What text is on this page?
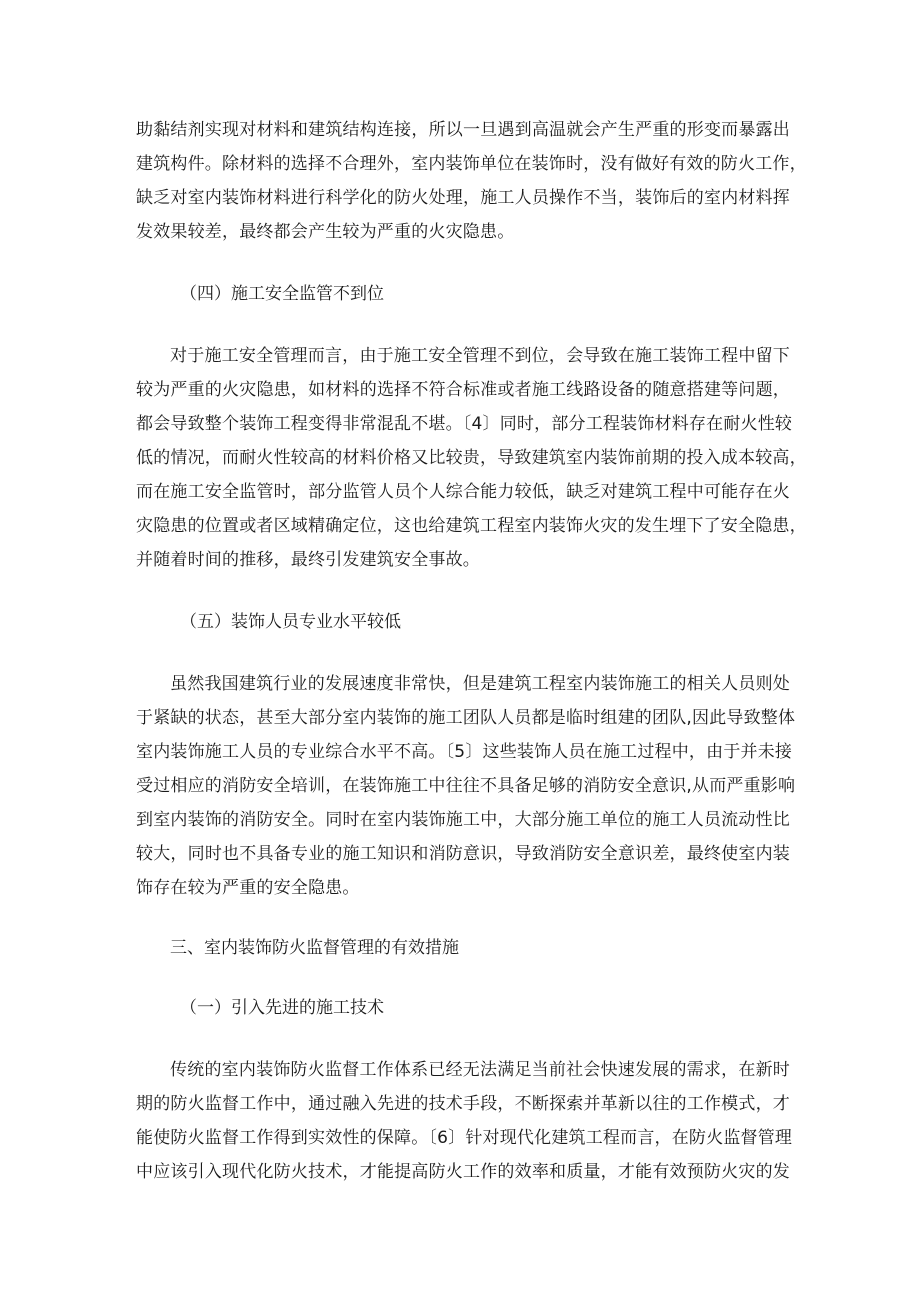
助黏结剂实现对材料和建筑结构连接，所以一旦遇到高温就会产生严重的形变而暴露出
建筑构件。除材料的选择不合理外，室内装饰单位在装饰时，没有做好有效的防火工作，
缺乏对室内装饰材料进行科学化的防火处理，施工人员操作不当，装饰后的室内材料挥
发效果较差，最终都会产生较为严重的火灾隐患。
（四）施工安全监管不到位
对于施工安全管理而言，由于施工安全管理不到位，会导致在施工装饰工程中留下
较为严重的火灾隐患，如材料的选择不符合标准或者施工线路设备的随意搭建等问题，
都会导致整个装饰工程变得非常混乱不堪。〔4〕同时，部分工程装饰材料存在耐火性较
低的情况，而耐火性较高的材料价格又比较贵，导致建筑室内装饰前期的投入成本较高，
而在施工安全监管时，部分监管人员个人综合能力较低，缺乏对建筑工程中可能存在火
灾隐患的位置或者区域精确定位，这也给建筑工程室内装饰火灾的发生埋下了安全隐患，
并随着时间的推移，最终引发建筑安全事故。
（五）装饰人员专业水平较低
虽然我国建筑行业的发展速度非常快，但是建筑工程室内装饰施工的相关人员则处
于紧缺的状态，甚至大部分室内装饰的施工团队人员都是临时组建的团队,因此导致整体
室内装饰施工人员的专业综合水平不高。〔5〕这些装饰人员在施工过程中，由于并未接
受过相应的消防安全培训，在装饰施工中往往不具备足够的消防安全意识,从而严重影响
到室内装饰的消防安全。同时在室内装饰施工中，大部分施工单位的施工人员流动性比
较大，同时也不具备专业的施工知识和消防意识，导致消防安全意识差，最终使室内装
饰存在较为严重的安全隐患。
三、室内装饰防火监督管理的有效措施
（一）引入先进的施工技术
传统的室内装饰防火监督工作体系已经无法满足当前社会快速发展的需求，在新时
期的防火监督工作中，通过融入先进的技术手段，不断探索并革新以往的工作模式，才
能使防火监督工作得到实效性的保障。〔6〕针对现代化建筑工程而言，在防火监督管理
中应该引入现代化防火技术，才能提高防火工作的效率和质量，才能有效预防火灾的发
